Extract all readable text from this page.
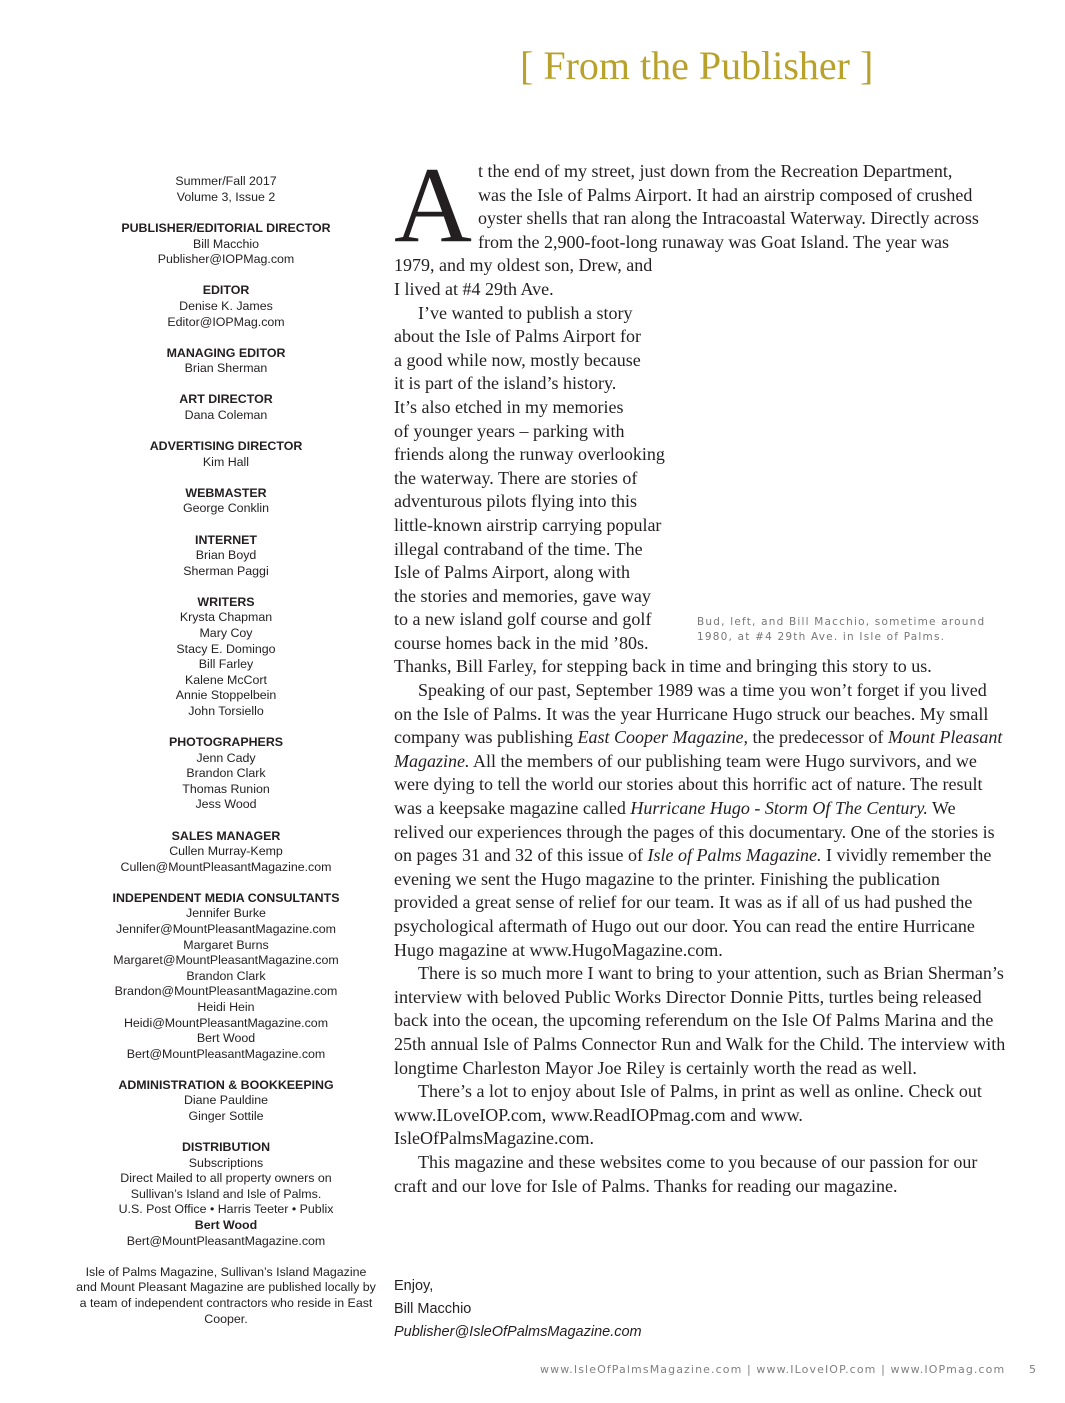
[ From the Publisher ]
Summer/Fall 2017
Volume 3, Issue 2
PUBLISHER/EDITORIAL DIRECTOR
Bill Macchio
Publisher@IOPMag.com
EDITOR
Denise K. James
Editor@IOPMag.com
MANAGING EDITOR
Brian Sherman
ART DIRECTOR
Dana Coleman
ADVERTISING DIRECTOR
Kim Hall
WEBMASTER
George Conklin
INTERNET
Brian Boyd
Sherman Paggi
WRITERS
Krysta Chapman
Mary Coy
Stacy E. Domingo
Bill Farley
Kalene McCort
Annie Stoppelbein
John Torsiello
PHOTOGRAPHERS
Jenn Cady
Brandon Clark
Thomas Runion
Jess Wood
SALES MANAGER
Cullen Murray-Kemp
Cullen@MountPleasantMagazine.com
INDEPENDENT MEDIA CONSULTANTS
Jennifer Burke
Jennifer@MountPleasantMagazine.com
Margaret Burns
Margaret@MountPleasantMagazine.com
Brandon Clark
Brandon@MountPleasantMagazine.com
Heidi Hein
Heidi@MountPleasantMagazine.com
Bert Wood
Bert@MountPleasantMagazine.com
ADMINISTRATION & BOOKKEEPING
Diane Pauldine
Ginger Sottile
DISTRIBUTION
Subscriptions
Direct Mailed to all property owners on
Sullivan’s Island and Isle of Palms.
U.S. Post Office • Harris Teeter • Publix
Bert Wood
Bert@MountPleasantMagazine.com
Isle of Palms Magazine, Sullivan’s Island Magazine and Mount Pleasant Magazine are published locally by a team of independent contractors who reside in East Cooper.
A t the end of my street, just down from the Recreation Department,
was the Isle of Palms Airport. It had an airstrip composed of crushed
oyster shells that ran along the Intracoastal Waterway. Directly across
from the 2,900-foot-long runaway was Goat Island. The year was
1979, and my oldest son, Drew, and
I lived at #4 29th Ave.
I’ve wanted to publish a story
about the Isle of Palms Airport for
a good while now, mostly because
it is part of the island’s history.
It’s also etched in my memories
of younger years – parking with
friends along the runway overlooking
the waterway. There are stories of
adventurous pilots flying into this
little-known airstrip carrying popular
illegal contraband of the time. The
Isle of Palms Airport, along with
the stories and memories, gave way
to a new island golf course and golf
course homes back in the mid ’80s.

Thanks, Bill Farley, for stepping back in time and bringing this story to us.

Speaking of our past, September 1989 was a time you won’t forget if you lived on the Isle of Palms. It was the year Hurricane Hugo struck our beaches. My small company was publishing East Cooper Magazine, the predecessor of Mount Pleasant Magazine. All the members of our publishing team were Hugo survivors, and we were dying to tell the world our stories about this horrific act of nature. The result was a keepsake magazine called Hurricane Hugo - Storm Of The Century. We relived our experiences through the pages of this documentary. One of the stories is on pages 31 and 32 of this issue of Isle of Palms Magazine. I vividly remember the evening we sent the Hugo magazine to the printer. Finishing the publication provided a great sense of relief for our team. It was as if all of us had pushed the psychological aftermath of Hugo out our door. You can read the entire Hurricane Hugo magazine at www.HugoMagazine.com.

There is so much more I want to bring to your attention, such as Brian Sherman’s interview with beloved Public Works Director Donnie Pitts, turtles being released back into the ocean, the upcoming referendum on the Isle Of Palms Marina and the 25th annual Isle of Palms Connector Run and Walk for the Child. The interview with longtime Charleston Mayor Joe Riley is certainly worth the read as well.

There’s a lot to enjoy about Isle of Palms, in print as well as online. Check out www.ILoveIOP.com, www.ReadIOPmag.com and www. IsleOfPalmsMagazine.com.

This magazine and these websites come to you because of our passion for our craft and our love for Isle of Palms. Thanks for reading our magazine.

Bud, left, and Bill Macchio, sometime around 1980, at #4 29th Ave. in Isle of Palms.
Enjoy,
Bill Macchio
Publisher@IsleOfPalmsMagazine.com
www.IsleOfPalmsMagazine.com | www.ILoveIOP.com | www.IOPmag.com 5
